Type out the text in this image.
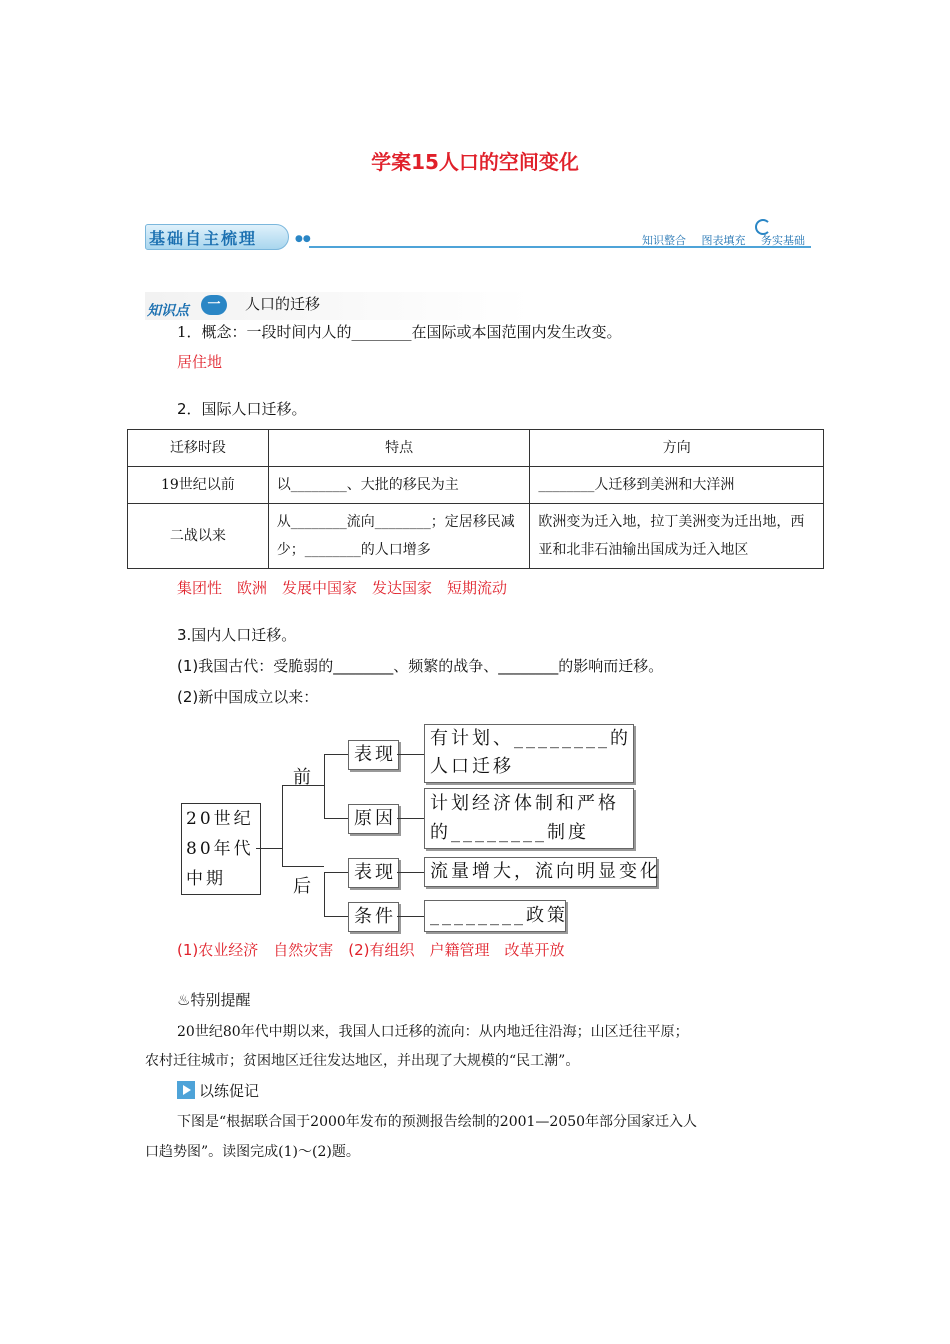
学案15人口的空间变化
基础自主梳理	●●	知识整合 图表填充 务实基础
知识点	一	人口的迁移
1．概念：一段时间内人的________在国际或本国范围内发生改变。
居住地
2．国际人口迁移。
迁移时段	特点	方向
19世纪以前	以________、大批的移民为主	________人迁移到美洲和大洋洲
二战以来	从________流向________；定居移民减少；________的人口增多	欧洲变为迁入地，拉丁美洲变为迁出地，西亚和北非石油输出国成为迁入地区
集团性　欧洲　发展中国家　发达国家　短期流动
3.国内人口迁移。
(1)我国古代：受脆弱的________、频繁的战争、________的影响而迁移。
(2)新中国成立以来：
20世纪80年代中期
前
后
表现
有计划、________的人口迁移
原因
计划经济体制和严格的________制度
表现	流量增大，流向明显变化
条件	________政策
(1)农业经济　自然灾害　(2)有组织　户籍管理　改革开放
♨特别提醒
20世纪80年代中期以来，我国人口迁移的流向：从内地迁往沿海；山区迁往平原；
农村迁往城市；贫困地区迁往发达地区，并出现了大规模的“民工潮”。
以练促记
下图是“根据联合国于2000年发布的预测报告绘制的2001—2050年部分国家迁入人
口趋势图”。读图完成(1)～(2)题。
